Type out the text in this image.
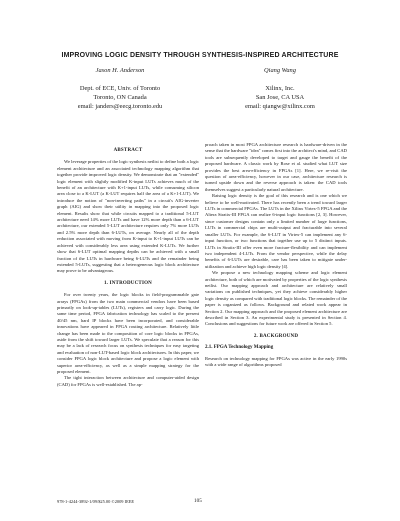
IMPROVING LOGIC DENSITY THROUGH SYNTHESIS-INSPIRED ARCHITECTURE
Jason H. Anderson
Dept. of ECE, Univ. of Toronto
Toronto, ON Canada
email: janders@eecg.toronto.edu
Qiang Wang
Xilinx, Inc.
San Jose, CA USA
email: qiangw@xilinx.com
ABSTRACT

We leverage properties of the logic synthesis netlist to define both a logic element architecture and an associated technology mapping algorithm that together provide improved logic density. We demonstrate that an "extended" logic element with slightly modified K-input LUTs achieves much of the benefit of an architecture with K+1-input LUTs, while consuming silicon area close to a K-LUT (a K-LUT requires half the area of a K+1-LUT). We introduce the notion of "non-inverting paths" in a circuit's AIG-inverter graph (AIG) and show their utility in mapping into the proposed logic element. Results show that while circuits mapped to a traditional 5-LUT architecture need 14% more LUTs and have 12% more depth than a 6-LUT architecture, our extended 5-LUT architecture requires only 7% more LUTs and 2.5% more depth than 6-LUTs, on average. Nearly all of the depth reduction associated with moving from K-input to K+1-input LUTs can be achieved with considerably less area using extended K-LUTs. We further show that 6-LUT optimal mapping depths can be achieved with a small fraction of the LUTs in hardware being 6-LUTs and the remainder being extended 5-LUTs, suggesting that a heterogeneous logic block architecture may prove to be advantageous.

1. INTRODUCTION

For over twenty years, the logic blocks in field-programmable gate arrays (FPGAs) from the two main commercial vendors have been based primarily on look-up-tables (LUTs), registers and carry logic. During the same time period, FPGA fabrication technology has scaled to the present 40/45 nm, hard IP blocks have been incorporated, and considerable innovations have appeared in FPGA routing architecture. Relatively little change has been made to the composition of core logic blocks in FPGAs, aside from the shift toward larger LUTs. We speculate that a reason for this may be a lack of research focus on synthesis techniques for easy targeting and evaluation of non-LUT-based logic block architectures. In this paper, we consider FPGA logic block architecture and propose a logic element with superior area-efficiency, as well as a simple mapping strategy for the proposed element.

The tight interaction between architecture and computer-aided design (CAD) for FPGAs is well-established. The ap-

proach taken in most FPGA architecture research is hardware-driven in the sense that the hardware "idea" comes first into the architect's mind, and CAD tools are subsequently developed to target and gauge the benefit of the proposed hardware. A classic work by Rose et al. studied what LUT size provides the best area-efficiency in FPGAs [1]. Here, we re-visit the question of area-efficiency, however in our case, architecture research is turned upside down and the reverse approach is taken: the CAD tools themselves suggest a particularly natural architecture.

Raising logic density is the goal of this research and is one which we believe to be well-motivated. There has recently been a trend toward larger LUTs in commercial FPGAs. The LUTs in the Xilinx Virtex-5 FPGA and the Altera Stratix-III FPGA can realize 6-input logic functions [2, 3]. However, since customer designs contain only a limited number of large functions, LUTs in commercial chips are multi-output and fracturable into several smaller LUTs. For example, the 6-LUT in Virtex-5 can implement any 6-input function, or two functions that together use up to 5 distinct inputs. LUTs in Stratix-III offer even more fracture-flexibility and can implement two independent 4-LUTs. From the vendor perspective, while the delay benefits of 6-LUTs are desirable, care has been taken to mitigate under-utilization and achieve high logic density [4].

We propose a new technology mapping scheme and logic element architecture, both of which are motivated by properties of the logic synthesis netlist. Our mapping approach and architecture are relatively small variations on published techniques, yet they achieve considerably higher logic density as compared with traditional logic blocks. The remainder of the paper is organized as follows. Background and related work appear in Section 2. Our mapping approach and the proposed element architecture are described in Section 3. An experimental study is presented in Section 4. Conclusions and suggestions for future work are offered in Section 5.

2. BACKGROUND
2.1. FPGA Technology Mapping

Research on technology mapping for FPGAs was active in the early 1990s with a wide range of algorithms proposed

978-1-4244-3892-1/09/$25.00 ©2009 IEEE	105
